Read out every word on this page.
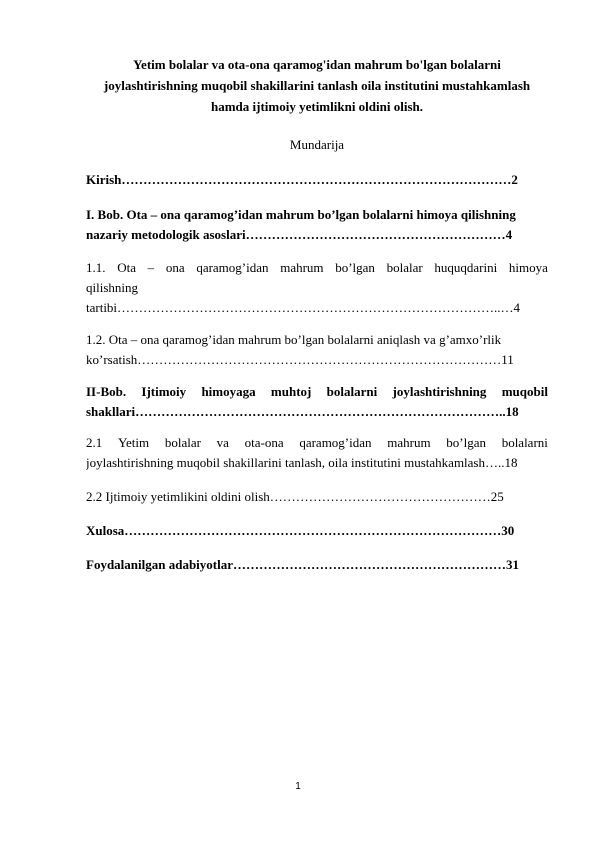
Yetim bolalar va ota-ona qaramog'idan mahrum bo'lgan bolalarni joylashtirishning muqobil shakillarini tanlash oila institutini mustahkamlash hamda ijtimoiy yetimlikni oldini olish.
Mundarija

Kirish………………………………………………………………………………2

I. Bob. Ota – ona qaramog’idan mahrum bo’lgan bolalarni himoya qilishning
nazariy metodologik asoslari……………………………………………………4
1.1. Ota – ona qaramog’idan mahrum bo’lgan bolalar huquqdarini himoya
qilishning
tartibi……………………………………………………………………………..…4
1.2. Ota – ona qaramog’idan mahrum bo’lgan bolalarni aniqlash va g’amxo’rlik
ko’rsatish…………………………………………………………………………11
II-Bob. Ijtimoiy himoyaga muhtoj bolalarni joylashtirishning muqobil
shakllari…………………………………………………………………………..18
2.1 Yetim bolalar va ota-ona qaramog’idan mahrum bo’lgan bolalarni
joylashtirishning muqobil shakillarini tanlash, oila institutini mustahkamlash…..18

2.2 Ijtimoiy yetimlikini oldini olish……………………………………………25

Xulosa……………………………………………………………………………30

Foydalanilgan adabiyotlar………………………………………………………31

1
